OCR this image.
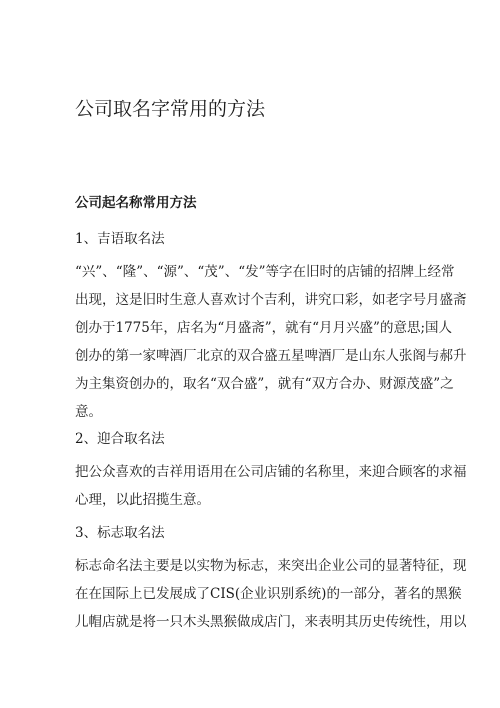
公司取名字常用的方法
公司起名称常用方法
1、吉语取名法
“兴”、“隆”、“源”、“茂”、“发”等字在旧时的店铺的招牌上经常
出现，这是旧时生意人喜欢讨个吉利，讲究口彩，如老字号月盛斋
创办于1775年，店名为“月盛斋”，就有“月月兴盛”的意思;国人
创办的第一家啤酒厂北京的双合盛五星啤酒厂是山东人张阁与郝升
为主集资创办的，取名“双合盛”，就有“双方合办、财源茂盛”之
意。
2、迎合取名法
把公众喜欢的吉祥用语用在公司店铺的名称里，来迎合顾客的求福
心理，以此招揽生意。
3、标志取名法
标志命名法主要是以实物为标志，来突出企业公司的显著特征，现
在在国际上已发展成了CIS(企业识别系统)的一部分，著名的黑猴
儿帽店就是将一只木头黑猴做成店门，来表明其历史传统性，用以
